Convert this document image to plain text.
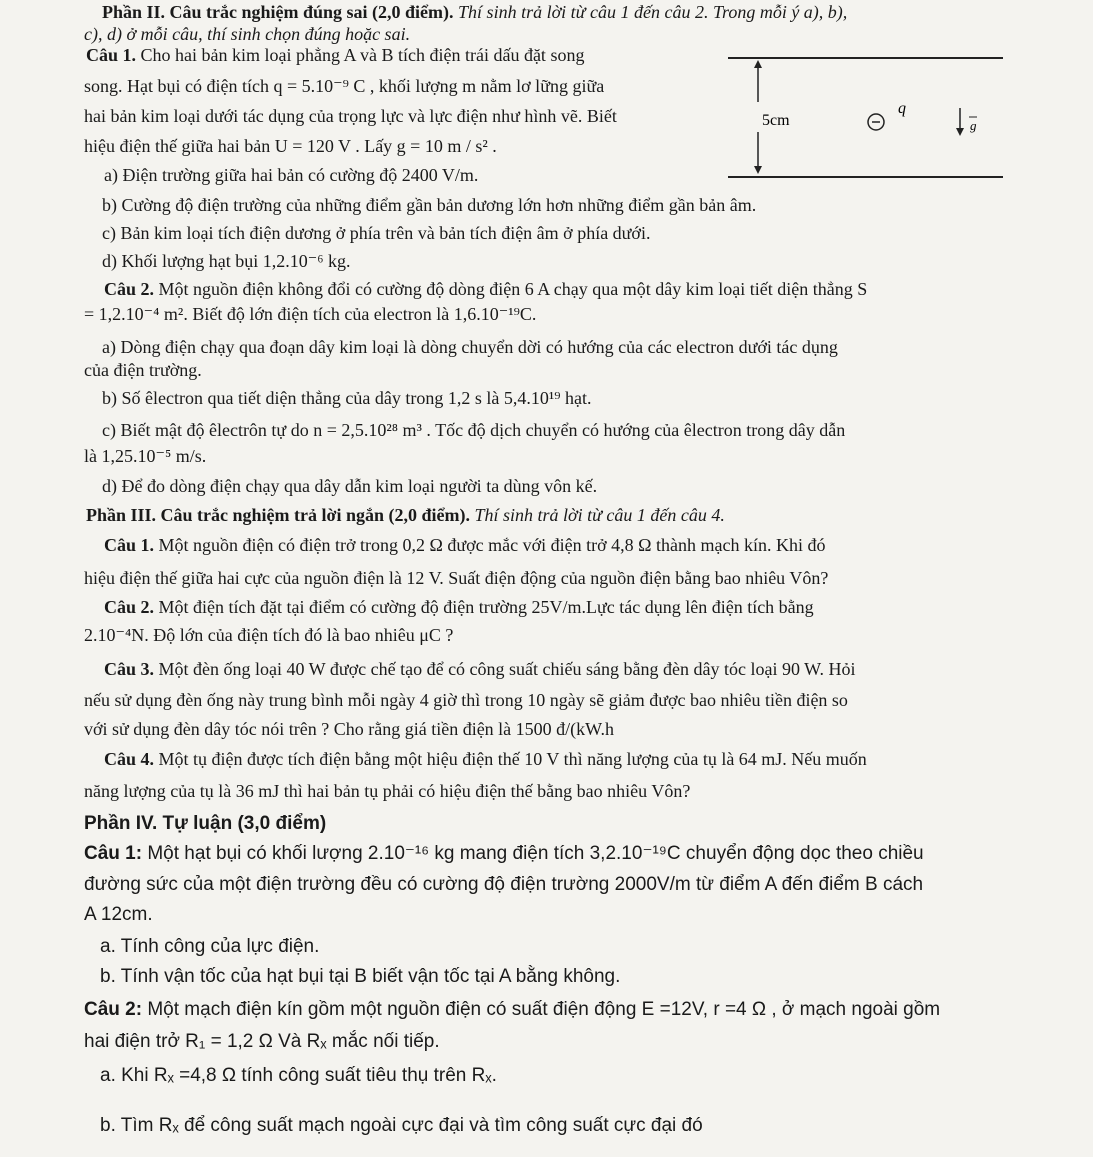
Phần II. Câu trắc nghiệm đúng sai (2,0 điểm). Thí sinh trả lời từ câu 1 đến câu 2. Trong mỗi ý a), b),
c), d) ở mỗi câu, thí sinh chọn đúng hoặc sai.
Câu 1. Cho hai bản kim loại phẳng A và B tích điện trái dấu đặt song
song. Hạt bụi có điện tích q = 5.10⁻⁹ C , khối lượng m nằm lơ lững giữa
hai bản kim loại dưới tác dụng của trọng lực và lực điện như hình vẽ. Biết
hiệu điện thế giữa hai bản U = 120 V . Lấy g = 10 m / s² .
a) Điện trường giữa hai bản có cường độ 2400 V/m.
b) Cường độ điện trường của những điểm gần bản dương lớn hơn những điểm gần bản âm.
c) Bản kim loại tích điện dương ở phía trên và bản tích điện âm ở phía dưới.
d) Khối lượng hạt bụi 1,2.10⁻⁶ kg.
5cm
q
g
Câu 2. Một nguồn điện không đổi có cường độ dòng điện 6 A chạy qua một dây kim loại tiết diện thẳng S
= 1,2.10⁻⁴ m². Biết độ lớn điện tích của electron là 1,6.10⁻¹⁹C.
a) Dòng điện chạy qua đoạn dây kim loại là dòng chuyển dời có hướng của các electron dưới tác dụng
của điện trường.
b) Số êlectron qua tiết diện thẳng của dây trong 1,2 s là 5,4.10¹⁹ hạt.
c) Biết mật độ êlectrôn tự do n = 2,5.10²⁸ m³ . Tốc độ dịch chuyển có hướng của êlectron trong dây dẫn
là 1,25.10⁻⁵ m/s.
d) Để đo dòng điện chạy qua dây dẫn kim loại người ta dùng vôn kế.
Phần III. Câu trắc nghiệm trả lời ngắn (2,0 điểm). Thí sinh trả lời từ câu 1 đến câu 4.
Câu 1. Một nguồn điện có điện trở trong 0,2 Ω được mắc với điện trở 4,8 Ω thành mạch kín. Khi đó
hiệu điện thế giữa hai cực của nguồn điện là 12 V. Suất điện động của nguồn điện bằng bao nhiêu Vôn?
Câu 2. Một điện tích đặt tại điểm có cường độ điện trường 25V/m.Lực tác dụng lên điện tích bằng
2.10⁻⁴N. Độ lớn của điện tích đó là bao nhiêu μC ?
Câu 3. Một đèn ống loại 40 W được chế tạo để có công suất chiếu sáng bằng đèn dây tóc loại 90 W. Hỏi
nếu sử dụng đèn ống này trung bình mỗi ngày 4 giờ thì trong 10 ngày sẽ giảm được bao nhiêu tiền điện so
với sử dụng đèn dây tóc nói trên ? Cho rằng giá tiền điện là 1500 đ/(kW.h
Câu 4. Một tụ điện được tích điện bằng một hiệu điện thế 10 V thì năng lượng của tụ là 64 mJ. Nếu muốn
năng lượng của tụ là 36 mJ thì hai bản tụ phải có hiệu điện thế bằng bao nhiêu Vôn?
Phần IV. Tự luận (3,0 điểm)
Câu 1: Một hạt bụi có khối lượng 2.10⁻¹⁶ kg mang điện tích 3,2.10⁻¹⁹C chuyển động dọc theo chiều
đường sức của một điện trường đều có cường độ điện trường 2000V/m từ điểm A đến điểm B cách
A 12cm.
a. Tính công của lực điện.
b. Tính vận tốc của hạt bụi tại B biết vận tốc tại A bằng không.
Câu 2: Một mạch điện kín gồm một nguồn điện có suất điện động E =12V, r =4 Ω , ở mạch ngoài gồm
hai điện trở R₁ = 1,2 Ω Và Rₓ mắc nối tiếp.
a. Khi Rₓ =4,8 Ω tính công suất tiêu thụ trên Rₓ.
b. Tìm Rₓ để công suất mạch ngoài cực đại và tìm công suất cực đại đó
